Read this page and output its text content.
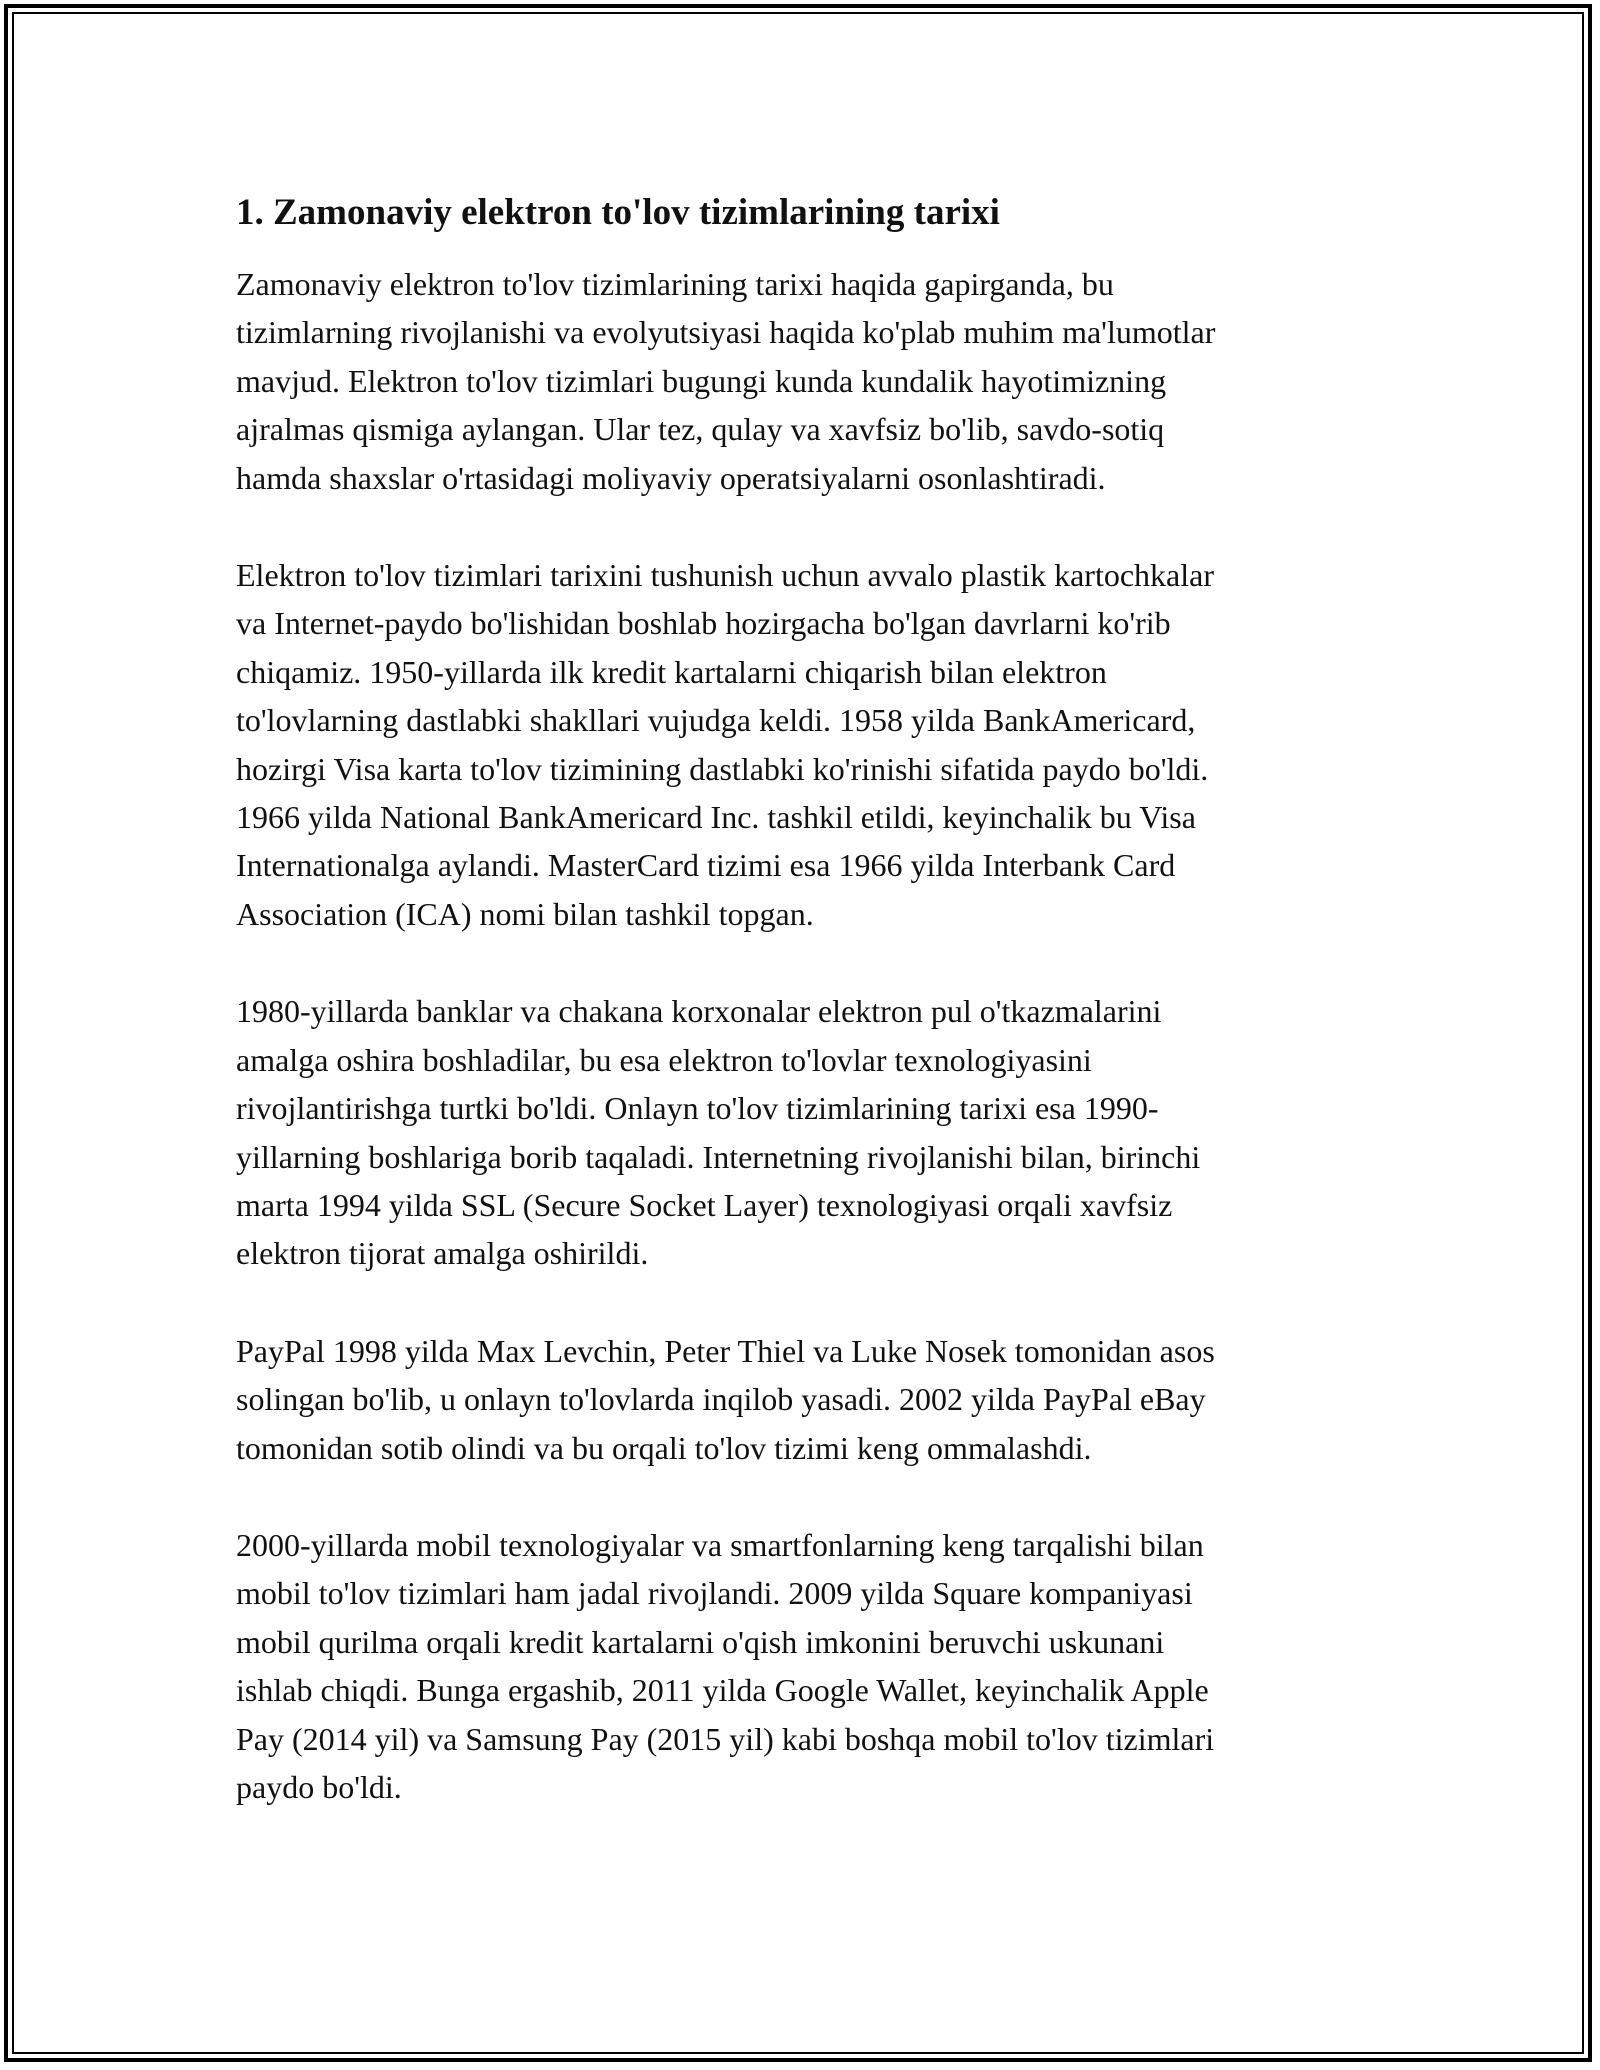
1. Zamonaviy elektron to'lov tizimlarining tarixi

Zamonaviy elektron to'lov tizimlarining tarixi haqida gapirganda, bu
tizimlarning rivojlanishi va evolyutsiyasi haqida ko'plab muhim ma'lumotlar
mavjud. Elektron to'lov tizimlari bugungi kunda kundalik hayotimizning
ajralmas qismiga aylangan. Ular tez, qulay va xavfsiz bo'lib, savdo-sotiq
hamda shaxslar o'rtasidagi moliyaviy operatsiyalarni osonlashtiradi.

Elektron to'lov tizimlari tarixini tushunish uchun avvalo plastik kartochkalar
va Internet-paydo bo'lishidan boshlab hozirgacha bo'lgan davrlarni ko'rib
chiqamiz. 1950-yillarda ilk kredit kartalarni chiqarish bilan elektron
to'lovlarning dastlabki shakllari vujudga keldi. 1958 yilda BankAmericard,
hozirgi Visa karta to'lov tizimining dastlabki ko'rinishi sifatida paydo bo'ldi.
1966 yilda National BankAmericard Inc. tashkil etildi, keyinchalik bu Visa
Internationalga aylandi. MasterCard tizimi esa 1966 yilda Interbank Card
Association (ICA) nomi bilan tashkil topgan.

1980-yillarda banklar va chakana korxonalar elektron pul o'tkazmalarini
amalga oshira boshladilar, bu esa elektron to'lovlar texnologiyasini
rivojlantirishga turtki bo'ldi. Onlayn to'lov tizimlarining tarixi esa 1990-
yillarning boshlariga borib taqaladi. Internetning rivojlanishi bilan, birinchi
marta 1994 yilda SSL (Secure Socket Layer) texnologiyasi orqali xavfsiz
elektron tijorat amalga oshirildi.

PayPal 1998 yilda Max Levchin, Peter Thiel va Luke Nosek tomonidan asos
solingan bo'lib, u onlayn to'lovlarda inqilob yasadi. 2002 yilda PayPal eBay
tomonidan sotib olindi va bu orqali to'lov tizimi keng ommalashdi.

2000-yillarda mobil texnologiyalar va smartfonlarning keng tarqalishi bilan
mobil to'lov tizimlari ham jadal rivojlandi. 2009 yilda Square kompaniyasi
mobil qurilma orqali kredit kartalarni o'qish imkonini beruvchi uskunani
ishlab chiqdi. Bunga ergashib, 2011 yilda Google Wallet, keyinchalik Apple
Pay (2014 yil) va Samsung Pay (2015 yil) kabi boshqa mobil to'lov tizimlari
paydo bo'ldi.
